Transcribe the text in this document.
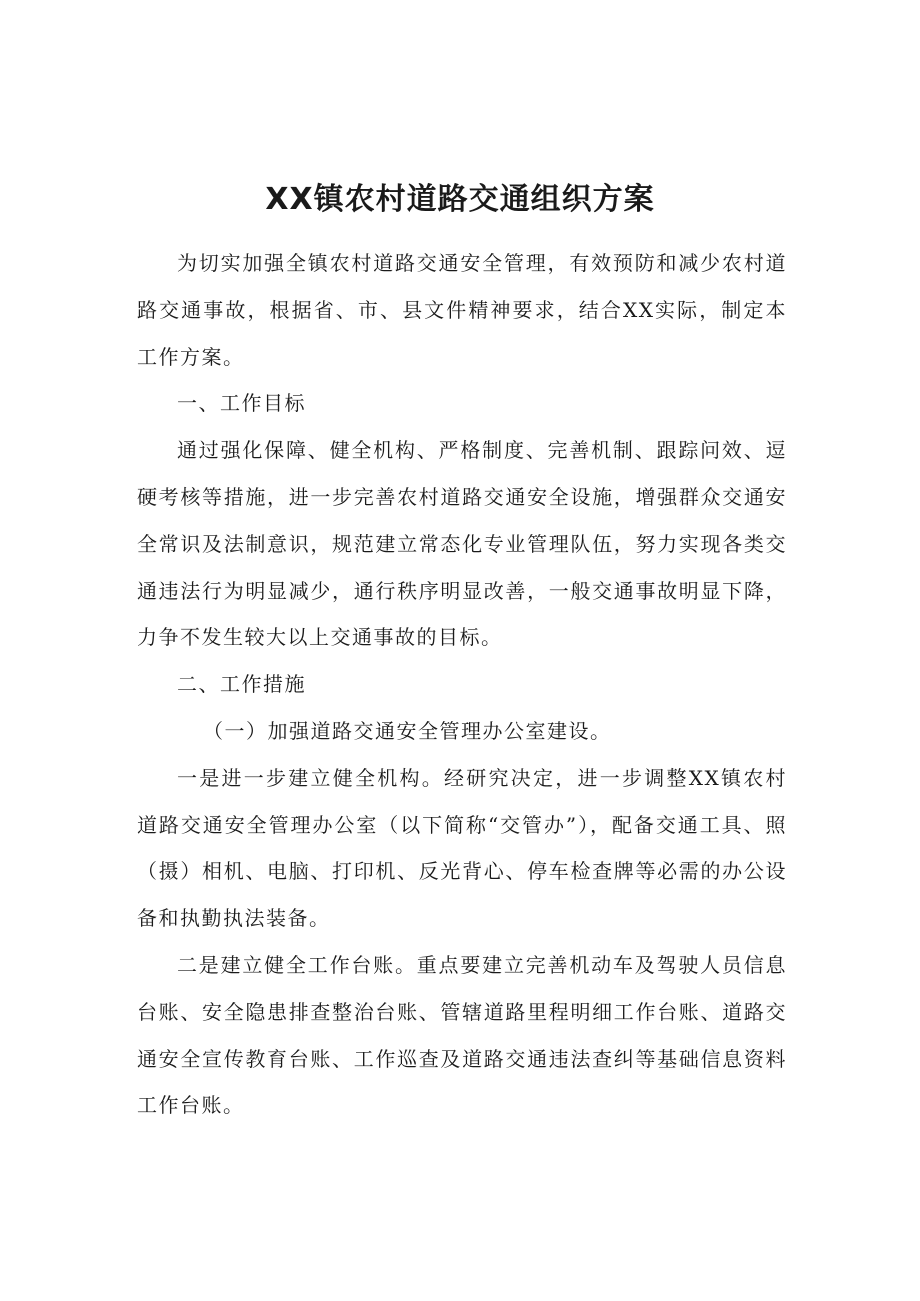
XX镇农村道路交通组织方案

为切实加强全镇农村道路交通安全管理，有效预防和减少农村道路交通事故，根据省、市、县文件精神要求，结合XX实际，制定本工作方案。

一、工作目标

通过强化保障、健全机构、严格制度、完善机制、跟踪问效、逗硬考核等措施，进一步完善农村道路交通安全设施，增强群众交通安全常识及法制意识，规范建立常态化专业管理队伍，努力实现各类交通违法行为明显减少，通行秩序明显改善，一般交通事故明显下降，力争不发生较大以上交通事故的目标。

二、工作措施

（一）加强道路交通安全管理办公室建设。

一是进一步建立健全机构。经研究决定，进一步调整XX镇农村道路交通安全管理办公室（以下简称“交管办”），配备交通工具、照（摄）相机、电脑、打印机、反光背心、停车检查牌等必需的办公设备和执勤执法装备。

二是建立健全工作台账。重点要建立完善机动车及驾驶人员信息台账、安全隐患排查整治台账、管辖道路里程明细工作台账、道路交通安全宣传教育台账、工作巡查及道路交通违法查纠等基础信息资料工作台账。
